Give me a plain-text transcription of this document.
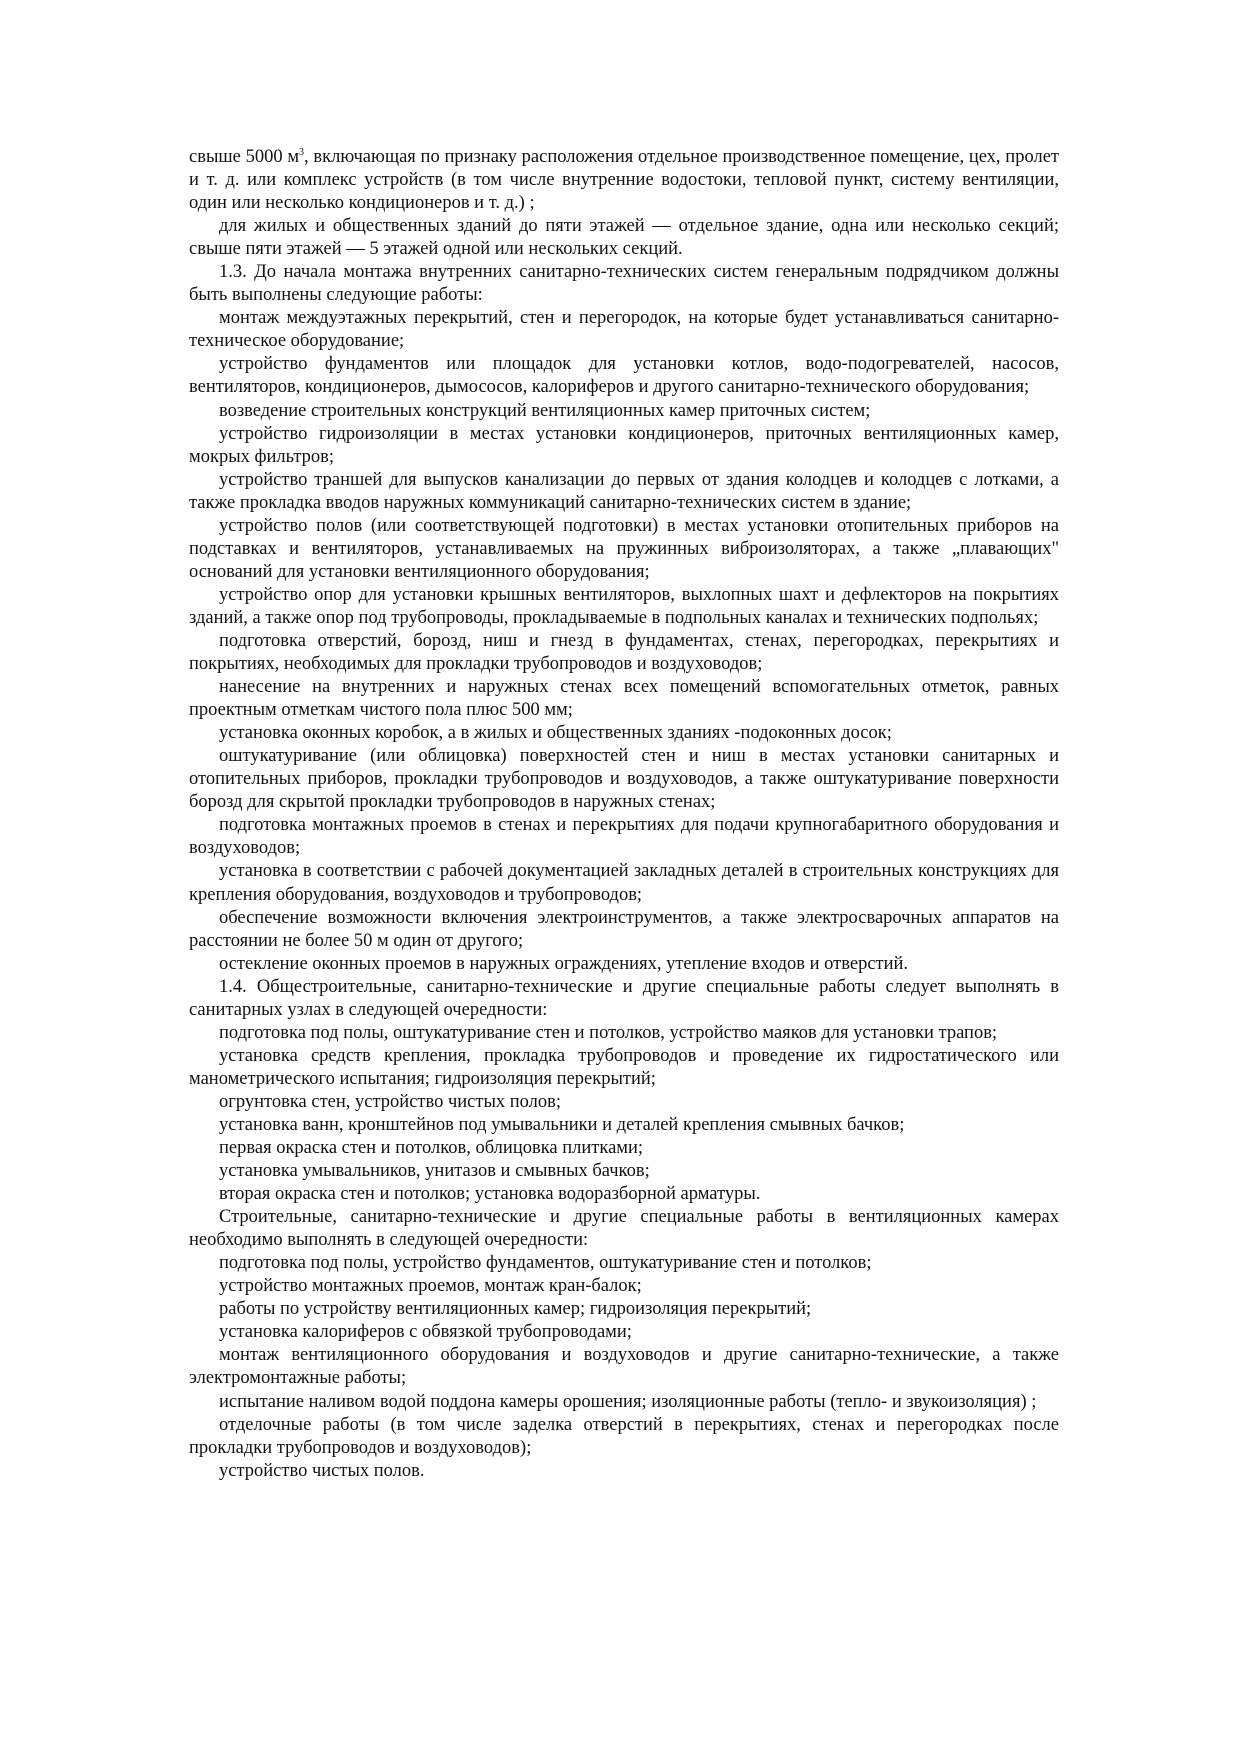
свыше 5000 $м^3$, включающая по признаку расположения отдельное производственное помещение, цех, пролет и т. д. или комплекс устройств (в том числе внутренние водостоки, тепловой пункт, систему вентиляции, один или несколько кондиционеров и т. д.) ;

для жилых и общественных зданий до пяти этажей — отдельное здание, одна или несколько секций; свыше пяти этажей — 5 этажей одной или нескольких секций.

1.3. До начала монтажа внутренних санитарно-технических систем генеральным подрядчиком должны быть выполнены следующие работы:

монтаж междуэтажных перекрытий, стен и перегородок, на которые будет устанавливаться санитарно-техническое оборудование;

устройство фундаментов или площадок для установки котлов, водо-подогревателей, насосов, вентиляторов, кондиционеров, дымососов, калориферов и другого санитарно-технического оборудования;

возведение строительных конструкций вентиляционных камер приточных систем;

устройство гидроизоляции в местах установки кондиционеров, приточных вентиляционных камер, мокрых фильтров;

устройство траншей для выпусков канализации до первых от здания колодцев и колодцев с лотками, а также прокладка вводов наружных коммуникаций санитарно-технических систем в здание;

устройство полов (или соответствующей подготовки) в местах установки отопительных приборов на подставках и вентиляторов, устанавливаемых на пружинных виброизоляторах, а также „плавающих" оснований для установки вентиляционного оборудования;

устройство опор для установки крышных вентиляторов, выхлопных шахт и дефлекторов на покрытиях зданий, а также опор под трубопроводы, прокладываемые в подпольных каналах и технических подпольях;

подготовка отверстий, борозд, ниш и гнезд в фундаментах, стенах, перегородках, перекрытиях и покрытиях, необходимых для прокладки трубопроводов и воздуховодов;

нанесение на внутренних и наружных стенах всех помещений вспомогательных отметок, равных проектным отметкам чистого пола плюс 500 мм;

установка оконных коробок, а в жилых и общественных зданиях -подоконных досок;

оштукатуривание (или облицовка) поверхностей стен и ниш в местах установки санитарных и отопительных приборов, прокладки трубопроводов и воздуховодов, а также оштукатуривание поверхности борозд для скрытой прокладки трубопроводов в наружных стенах;

подготовка монтажных проемов в стенах и перекрытиях для подачи крупногабаритного оборудования и воздуховодов;

установка в соответствии с рабочей документацией закладных деталей в строительных конструкциях для крепления оборудования, воздуховодов и трубопроводов;

обеспечение возможности включения электроинструментов, а также электросварочных аппаратов на расстоянии не более 50 м один от другого;

остекление оконных проемов в наружных ограждениях, утепление входов и отверстий.

1.4. Общестроительные, санитарно-технические и другие специальные работы следует выполнять в санитарных узлах в следующей очередности:

подготовка под полы, оштукатуривание стен и потолков, устройство маяков для установки трапов;

установка средств крепления, прокладка трубопроводов и проведение их гидростатического или манометрического испытания; гидроизоляция перекрытий;

огрунтовка стен, устройство чистых полов;

установка ванн, кронштейнов под умывальники и деталей крепления смывных бачков;

первая окраска стен и потолков, облицовка плитками;

установка умывальников, унитазов и смывных бачков;

вторая окраска стен и потолков; установка водоразборной арматуры.

Строительные, санитарно-технические и другие специальные работы в вентиляционных камерах необходимо выполнять в следующей очередности:

подготовка под полы, устройство фундаментов, оштукатуривание стен и потолков;

устройство монтажных проемов, монтаж кран-балок;

работы по устройству вентиляционных камер; гидроизоляция перекрытий;

установка калориферов с обвязкой трубопроводами;

монтаж вентиляционного оборудования и воздуховодов и другие санитарно-технические, а также электромонтажные работы;

испытание наливом водой поддона камеры орошения; изоляционные работы (тепло- и звукоизоляция) ;

отделочные работы (в том числе заделка отверстий в перекрытиях, стенах и перегородках после прокладки трубопроводов и воздуховодов);

устройство чистых полов.
